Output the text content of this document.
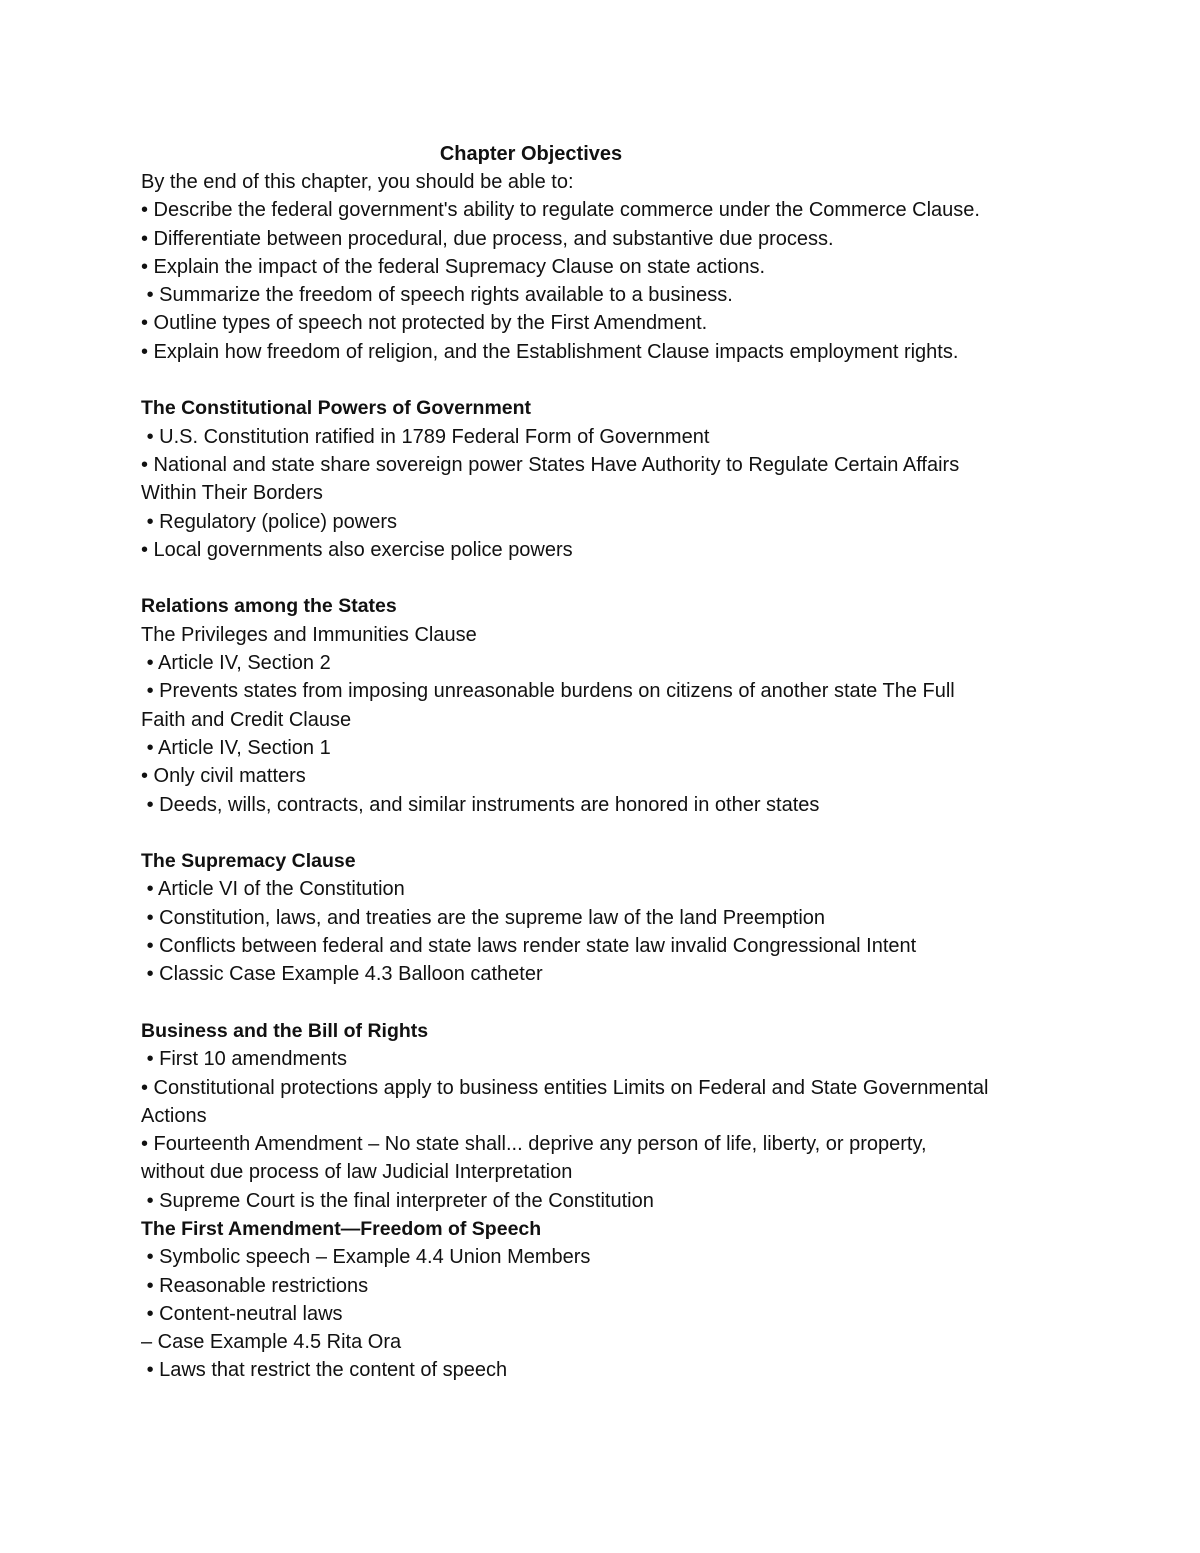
Chapter Objectives
By the end of this chapter, you should be able to:
• Describe the federal government's ability to regulate commerce under the Commerce Clause.
• Differentiate between procedural, due process, and substantive due process.
• Explain the impact of the federal Supremacy Clause on state actions.
• Summarize the freedom of speech rights available to a business.
• Outline types of speech not protected by the First Amendment.
• Explain how freedom of religion, and the Establishment Clause impacts employment rights.
The Constitutional Powers of Government
• U.S. Constitution ratified in 1789 Federal Form of Government
• National and state share sovereign power States Have Authority to Regulate Certain Affairs
Within Their Borders
• Regulatory (police) powers
• Local governments also exercise police powers
Relations among the States
The Privileges and Immunities Clause
• Article IV, Section 2
• Prevents states from imposing unreasonable burdens on citizens of another state The Full
Faith and Credit Clause
• Article IV, Section 1
• Only civil matters
• Deeds, wills, contracts, and similar instruments are honored in other states
The Supremacy Clause
• Article VI of the Constitution
• Constitution, laws, and treaties are the supreme law of the land Preemption
• Conflicts between federal and state laws render state law invalid Congressional Intent
• Classic Case Example 4.3 Balloon catheter
Business and the Bill of Rights
• First 10 amendments
• Constitutional protections apply to business entities Limits on Federal and State Governmental
Actions
• Fourteenth Amendment – No state shall... deprive any person of life, liberty, or property,
without due process of law Judicial Interpretation
• Supreme Court is the final interpreter of the Constitution
The First Amendment—Freedom of Speech
• Symbolic speech – Example 4.4 Union Members
• Reasonable restrictions
• Content-neutral laws
– Case Example 4.5 Rita Ora
• Laws that restrict the content of speech
